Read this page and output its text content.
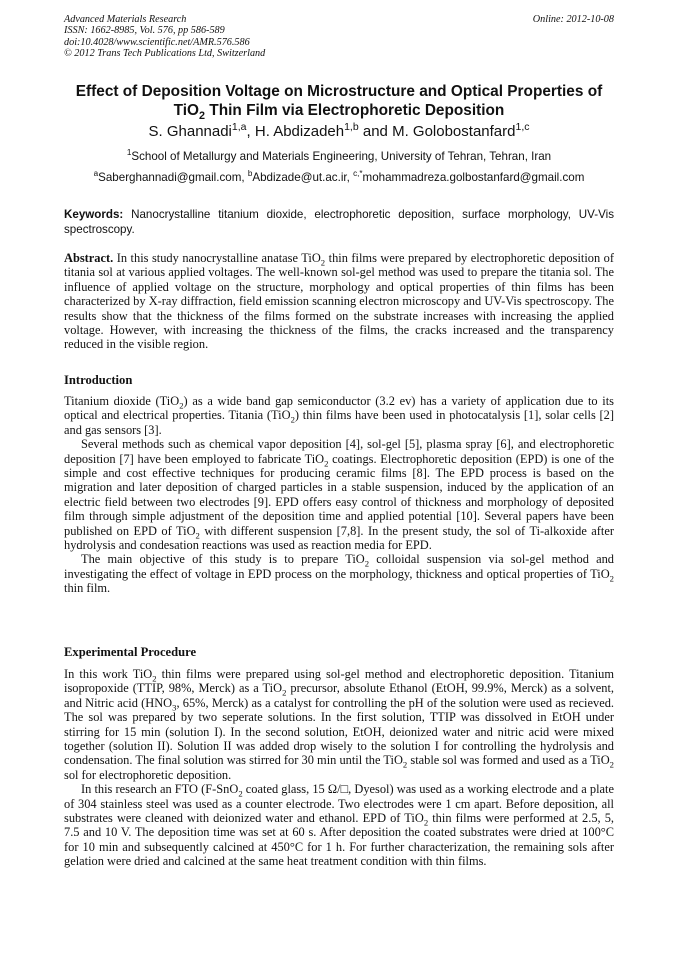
Advanced Materials Research
ISSN: 1662-8985, Vol. 576, pp 586-589
doi:10.4028/www.scientific.net/AMR.576.586
© 2012 Trans Tech Publications Ltd, Switzerland
Online: 2012-10-08
Effect of Deposition Voltage on Microstructure and Optical Properties of
TiO$_2$ Thin Film via Electrophoretic Deposition
S. Ghannadi$^{1,a}$, H. Abdizadeh$^{1,b}$ and M. Golobostanfard$^{1,c}$
$^1$School of Metallurgy and Materials Engineering, University of Tehran, Tehran, Iran
$^a$Saberghannadi@gmail.com, $^b$Abdizade@ut.ac.ir, $^{c,*}$mohammadreza.golbostanfard@gmail.com
Keywords: Nanocrystalline titanium dioxide, electrophoretic deposition, surface morphology, UV-Vis spectroscopy.

Abstract. In this study nanocrystalline anatase TiO$_2$ thin films were prepared by electrophoretic deposition of titania sol at various applied voltages. The well-known sol-gel method was used to prepare the titania sol. The influence of applied voltage on the structure, morphology and optical properties of thin films has been characterized by X-ray diffraction, field emission scanning electron microscopy and UV-Vis spectroscopy. The results show that the thickness of the films formed on the substrate increases with increasing the applied voltage. However, with increasing the thickness of the films, the cracks increased and the transparency reduced in the visible region.

Introduction

Titanium dioxide (TiO$_2$) as a wide band gap semiconductor (3.2 ev) has a variety of application due to its optical and electrical properties. Titania (TiO$_2$) thin films have been used in photocatalysis [1], solar cells [2] and gas sensors [3].

Several methods such as chemical vapor deposition [4], sol-gel [5], plasma spray [6], and electrophoretic deposition [7] have been employed to fabricate TiO$_2$ coatings. Electrophoretic deposition (EPD) is one of the simple and cost effective techniques for producing ceramic films [8]. The EPD process is based on the migration and later deposition of charged particles in a stable suspension, induced by the application of an electric field between two electrodes [9]. EPD offers easy control of thickness and morphology of deposited film through simple adjustment of the deposition time and applied potential [10]. Several papers have been published on EPD of TiO$_2$ with different suspension [7,8]. In the present study, the sol of Ti-alkoxide after hydrolysis and condesation reactions was used as reaction media for EPD.

The main objective of this study is to prepare TiO$_2$ colloidal suspension via sol-gel method and investigating the effect of voltage in EPD process on the morphology, thickness and optical properties of TiO$_2$ thin film.

Experimental Procedure

In this work TiO$_2$ thin films were prepared using sol-gel method and electrophoretic deposition. Titanium isopropoxide (TTIP, 98%, Merck) as a TiO$_2$ precursor, absolute Ethanol (EtOH, 99.9%, Merck) as a solvent, and Nitric acid ($HNO_3$, 65%, Merck) as a catalyst for controlling the pH of the solution were used as recieved. The sol was prepared by two seperate solutions. In the first solution, TTIP was dissolved in EtOH under stirring for 15 min (solution I). In the second solution, EtOH, deionized water and nitric acid were mixed together (solution II). Solution II was added drop wisely to the solution I for controlling the hydrolysis and condensation. The final solution was stirred for 30 min until the TiO$_2$ stable sol was formed and used as a TiO$_2$ sol for electrophoretic deposition.

In this research an FTO (F-SnO$_2$ coated glass, 15 Ω/□, Dyesol) was used as a working electrode and a plate of 304 stainless steel was used as a counter electrode. Two electrodes were 1 cm apart. Before deposition, all substrates were cleaned with deionized water and ethanol. EPD of TiO$_2$ thin films were performed at 2.5, 5, 7.5 and 10 V. The deposition time was set at 60 s. After deposition the coated substrates were dried at 100°C for 10 min and subsequently calcined at 450°C for 1 h. For further characterization, the remaining sols after gelation were dried and calcined at the same heat treatment condition with thin films.
